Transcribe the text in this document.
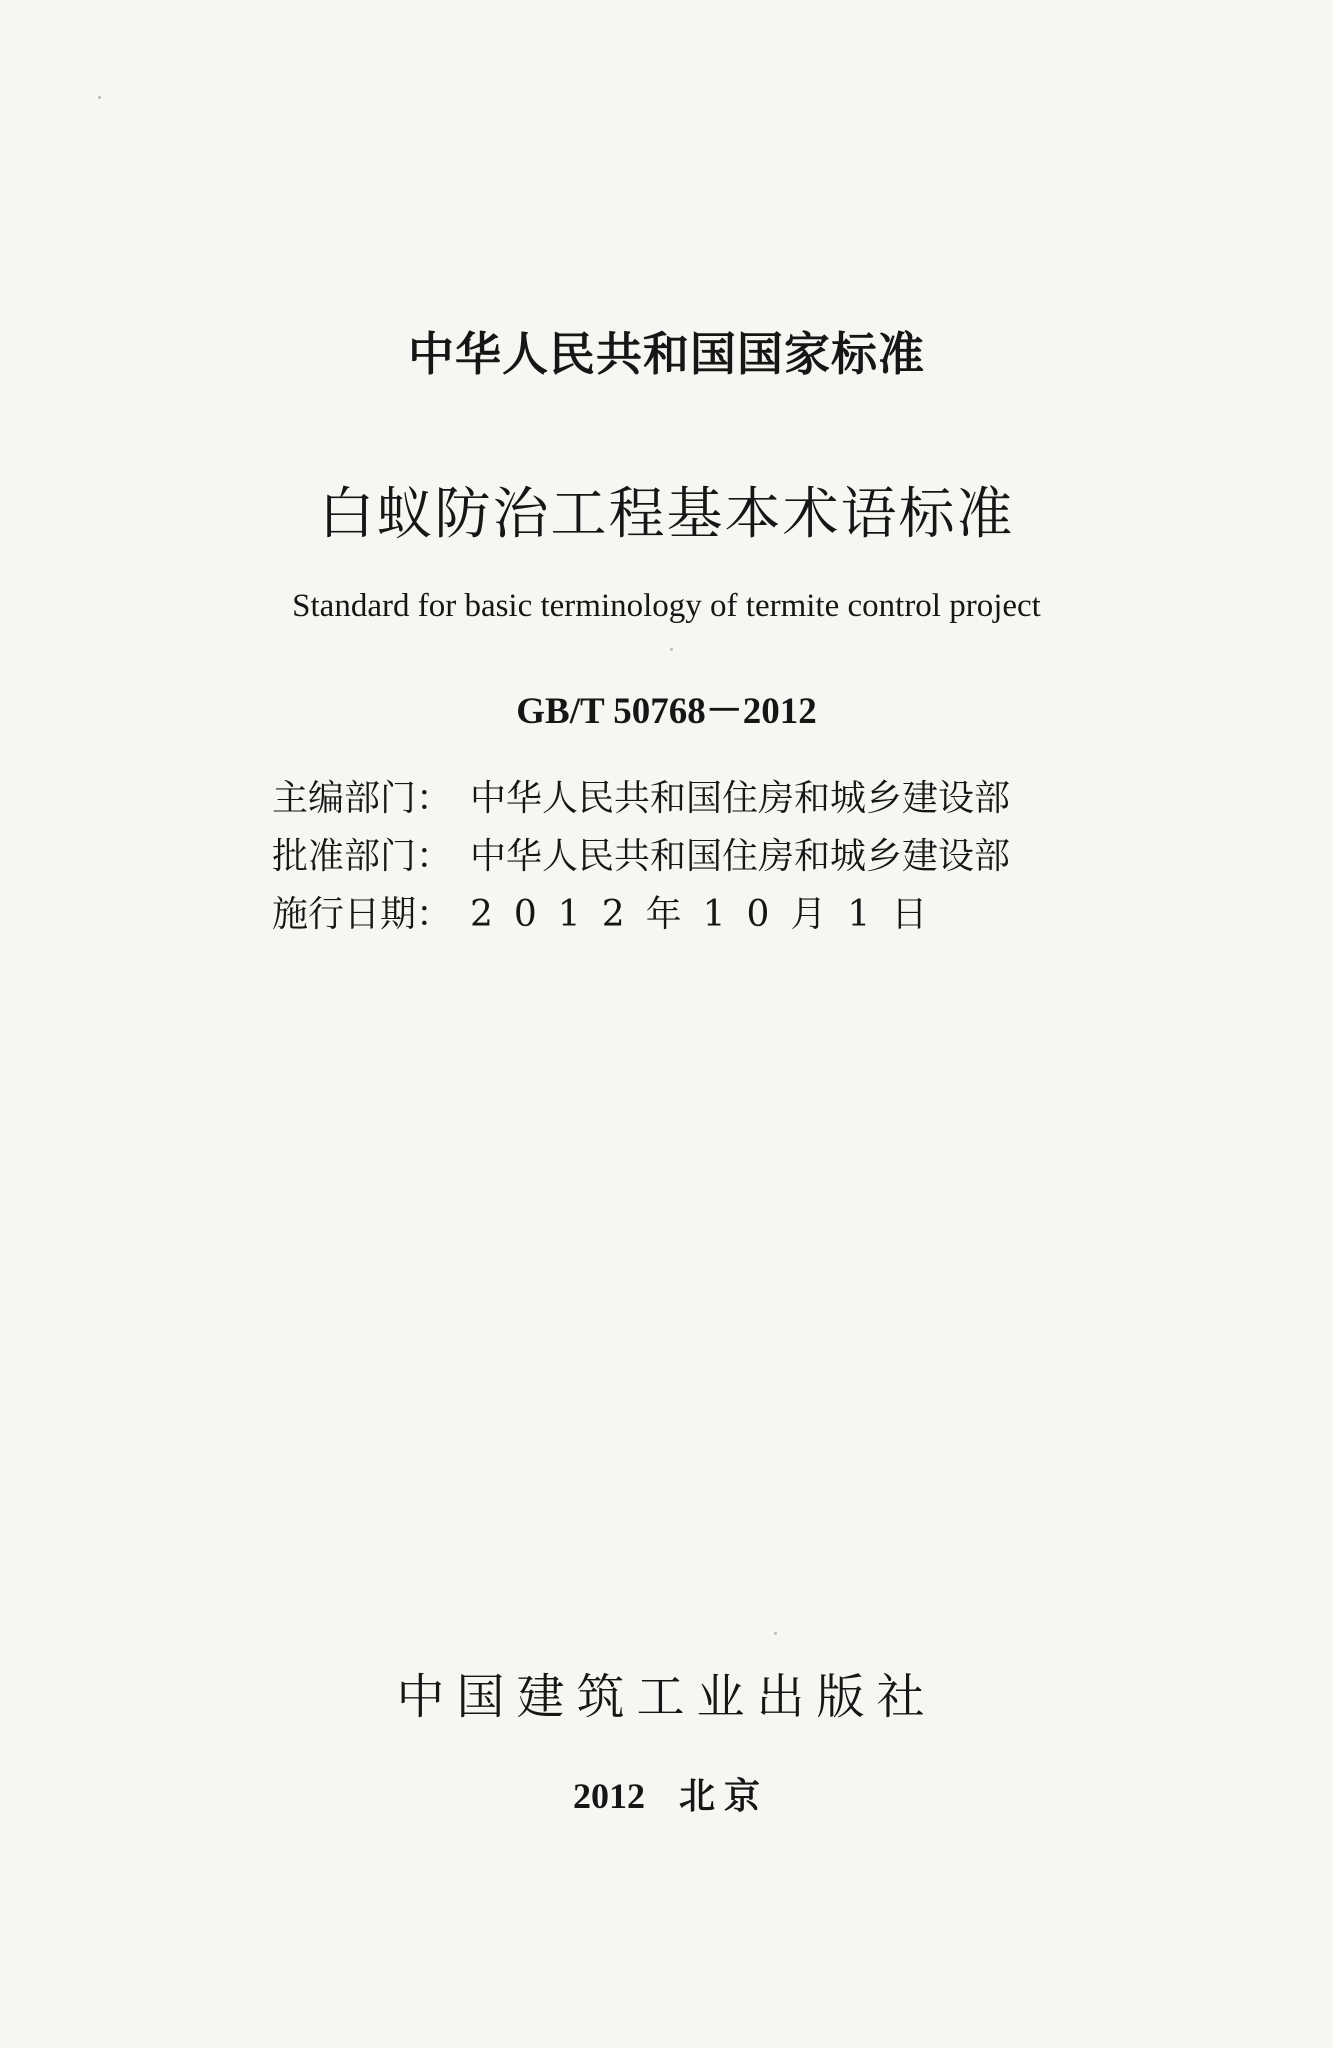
中华人民共和国国家标准
白蚁防治工程基本术语标准
Standard for basic terminology of termite control project
GB/T 50768－2012
主编部门： 中华人民共和国住房和城乡建设部
批准部门： 中华人民共和国住房和城乡建设部
施行日期： 2012年10月1日
中国建筑工业出版社
2012 北 京
